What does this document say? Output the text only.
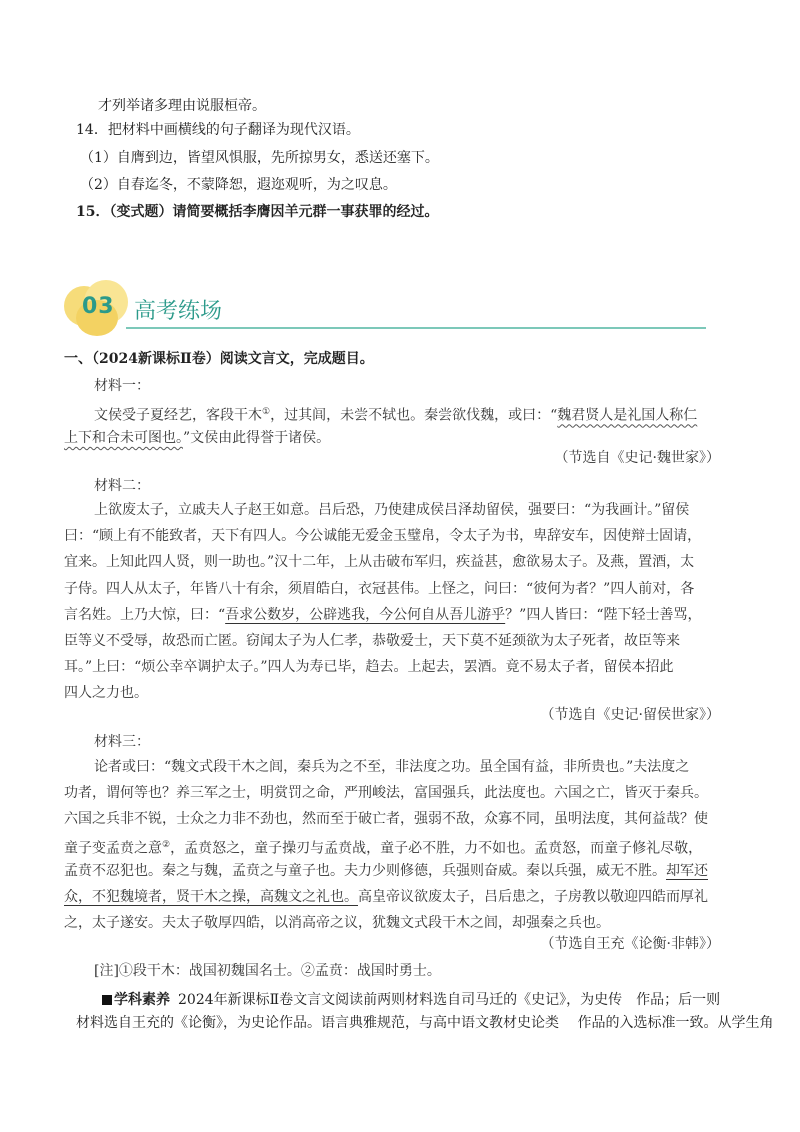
才列举诸多理由说服桓帝。
14．把材料中画横线的句子翻译为现代汉语。
（1）自膺到边，皆望风惧服，先所掠男女，悉送还塞下。
（2）自春迄冬，不蒙降恕，遐迩观听，为之叹息。
15．（变式题）请简要概括李膺因羊元群一事获罪的经过。
03 高考练场
一、（2024新课标Ⅱ卷）阅读文言文，完成题目。
材料一：
文侯受子夏经艺，客段干木①，过其闾，未尝不轼也。秦尝欲伐魏，或曰：“魏君贤人是礼国人称仁
上下和合未可图也。”文侯由此得誉于诸侯。
（节选自《史记·魏世家》）
材料二：
上欲废太子，立戚夫人子赵王如意。吕后恐，乃使建成侯吕泽劫留侯，强要曰：“为我画计。”留侯
曰：“顾上有不能致者，天下有四人。今公诚能无爱金玉璧帛，令太子为书，卑辞安车，因使辩士固请，
宜来。上知此四人贤，则一助也。”汉十二年，上从击破布军归，疾益甚，愈欲易太子。及燕，置酒，太
子侍。四人从太子，年皆八十有余，须眉皓白，衣冠甚伟。上怪之，问曰：“彼何为者？”四人前对，各
言名姓。上乃大惊，曰：“吾求公数岁，公辟逃我，今公何自从吾儿游乎？”四人皆曰：“陛下轻士善骂，
臣等义不受辱，故恐而亡匿。窃闻太子为人仁孝，恭敬爱士，天下莫不延颈欲为太子死者，故臣等来
耳。”上曰：“烦公幸卒调护太子。”四人为寿已毕，趋去。上起去，罢酒。竟不易太子者，留侯本招此
四人之力也。
（节选自《史记·留侯世家》）
材料三：
论者或曰：“魏文式段干木之闾，秦兵为之不至，非法度之功。虽全国有益，非所贵也。”夫法度之
功者，谓何等也？养三军之士，明赏罚之命，严刑峻法，富国强兵，此法度也。六国之亡，皆灭于秦兵。
六国之兵非不锐，士众之力非不劲也，然而至于破亡者，强弱不敌，众寡不同，虽明法度，其何益哉？使
童子变孟贲之意②，孟贲怒之，童子操刃与孟贲战，童子必不胜，力不如也。孟贲怒，而童子修礼尽敬，
孟贲不忍犯也。秦之与魏，孟贲之与童子也。夫力少则修德，兵强则奋威。秦以兵强，威无不胜。却军还
众，不犯魏境者，贤干木之操，高魏文之礼也。高皇帝议欲废太子，吕后患之，子房教以敬迎四皓而厚礼
之，太子遂安。夫太子敬厚四皓，以消高帝之议，犹魏文式段干木之闾，却强秦之兵也。
（节选自王充《论衡·非韩》）
[注]①段干木：战国初魏国名士。②孟贲：战国时勇士。
学科素养 2024年新课标Ⅱ卷文言文阅读前两则材料选自司马迁的《史记》，为史传　作品；后一则
材料选自王充的《论衡》，为史论作品。语言典雅规范，与高中语文教材史论类　 作品的入选标准一致。从学生角
